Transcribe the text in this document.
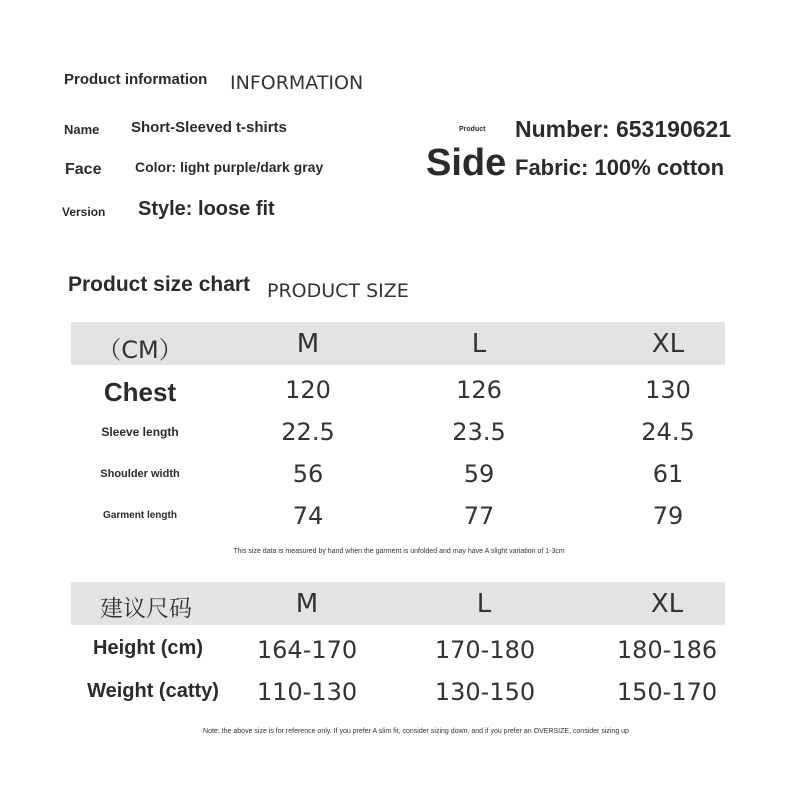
Product information INFORMATION
Name Short-Sleeved t-shirts
Face Color: light purple/dark gray
Version Style: loose fit
Product Number: 653190621
Side Fabric: 100% cotton
Product size chart PRODUCT SIZE
（CM）	M	L	XL
Chest	120	126	130
Sleeve length	22.5	23.5	24.5
Shoulder width	56	59	61
Garment length	74	77	79
This size data is measured by hand when the garment is unfolded and may have A slight variation of 1-3cm
建议尺码	M	L	XL
Height (cm) 164-170	170-180	180-186
Weight (catty) 110-130	130-150	150-170
Note: the above size is for reference only. If you prefer A slim fit, consider sizing down, and if you prefer an OVERSIZE, consider sizing up
